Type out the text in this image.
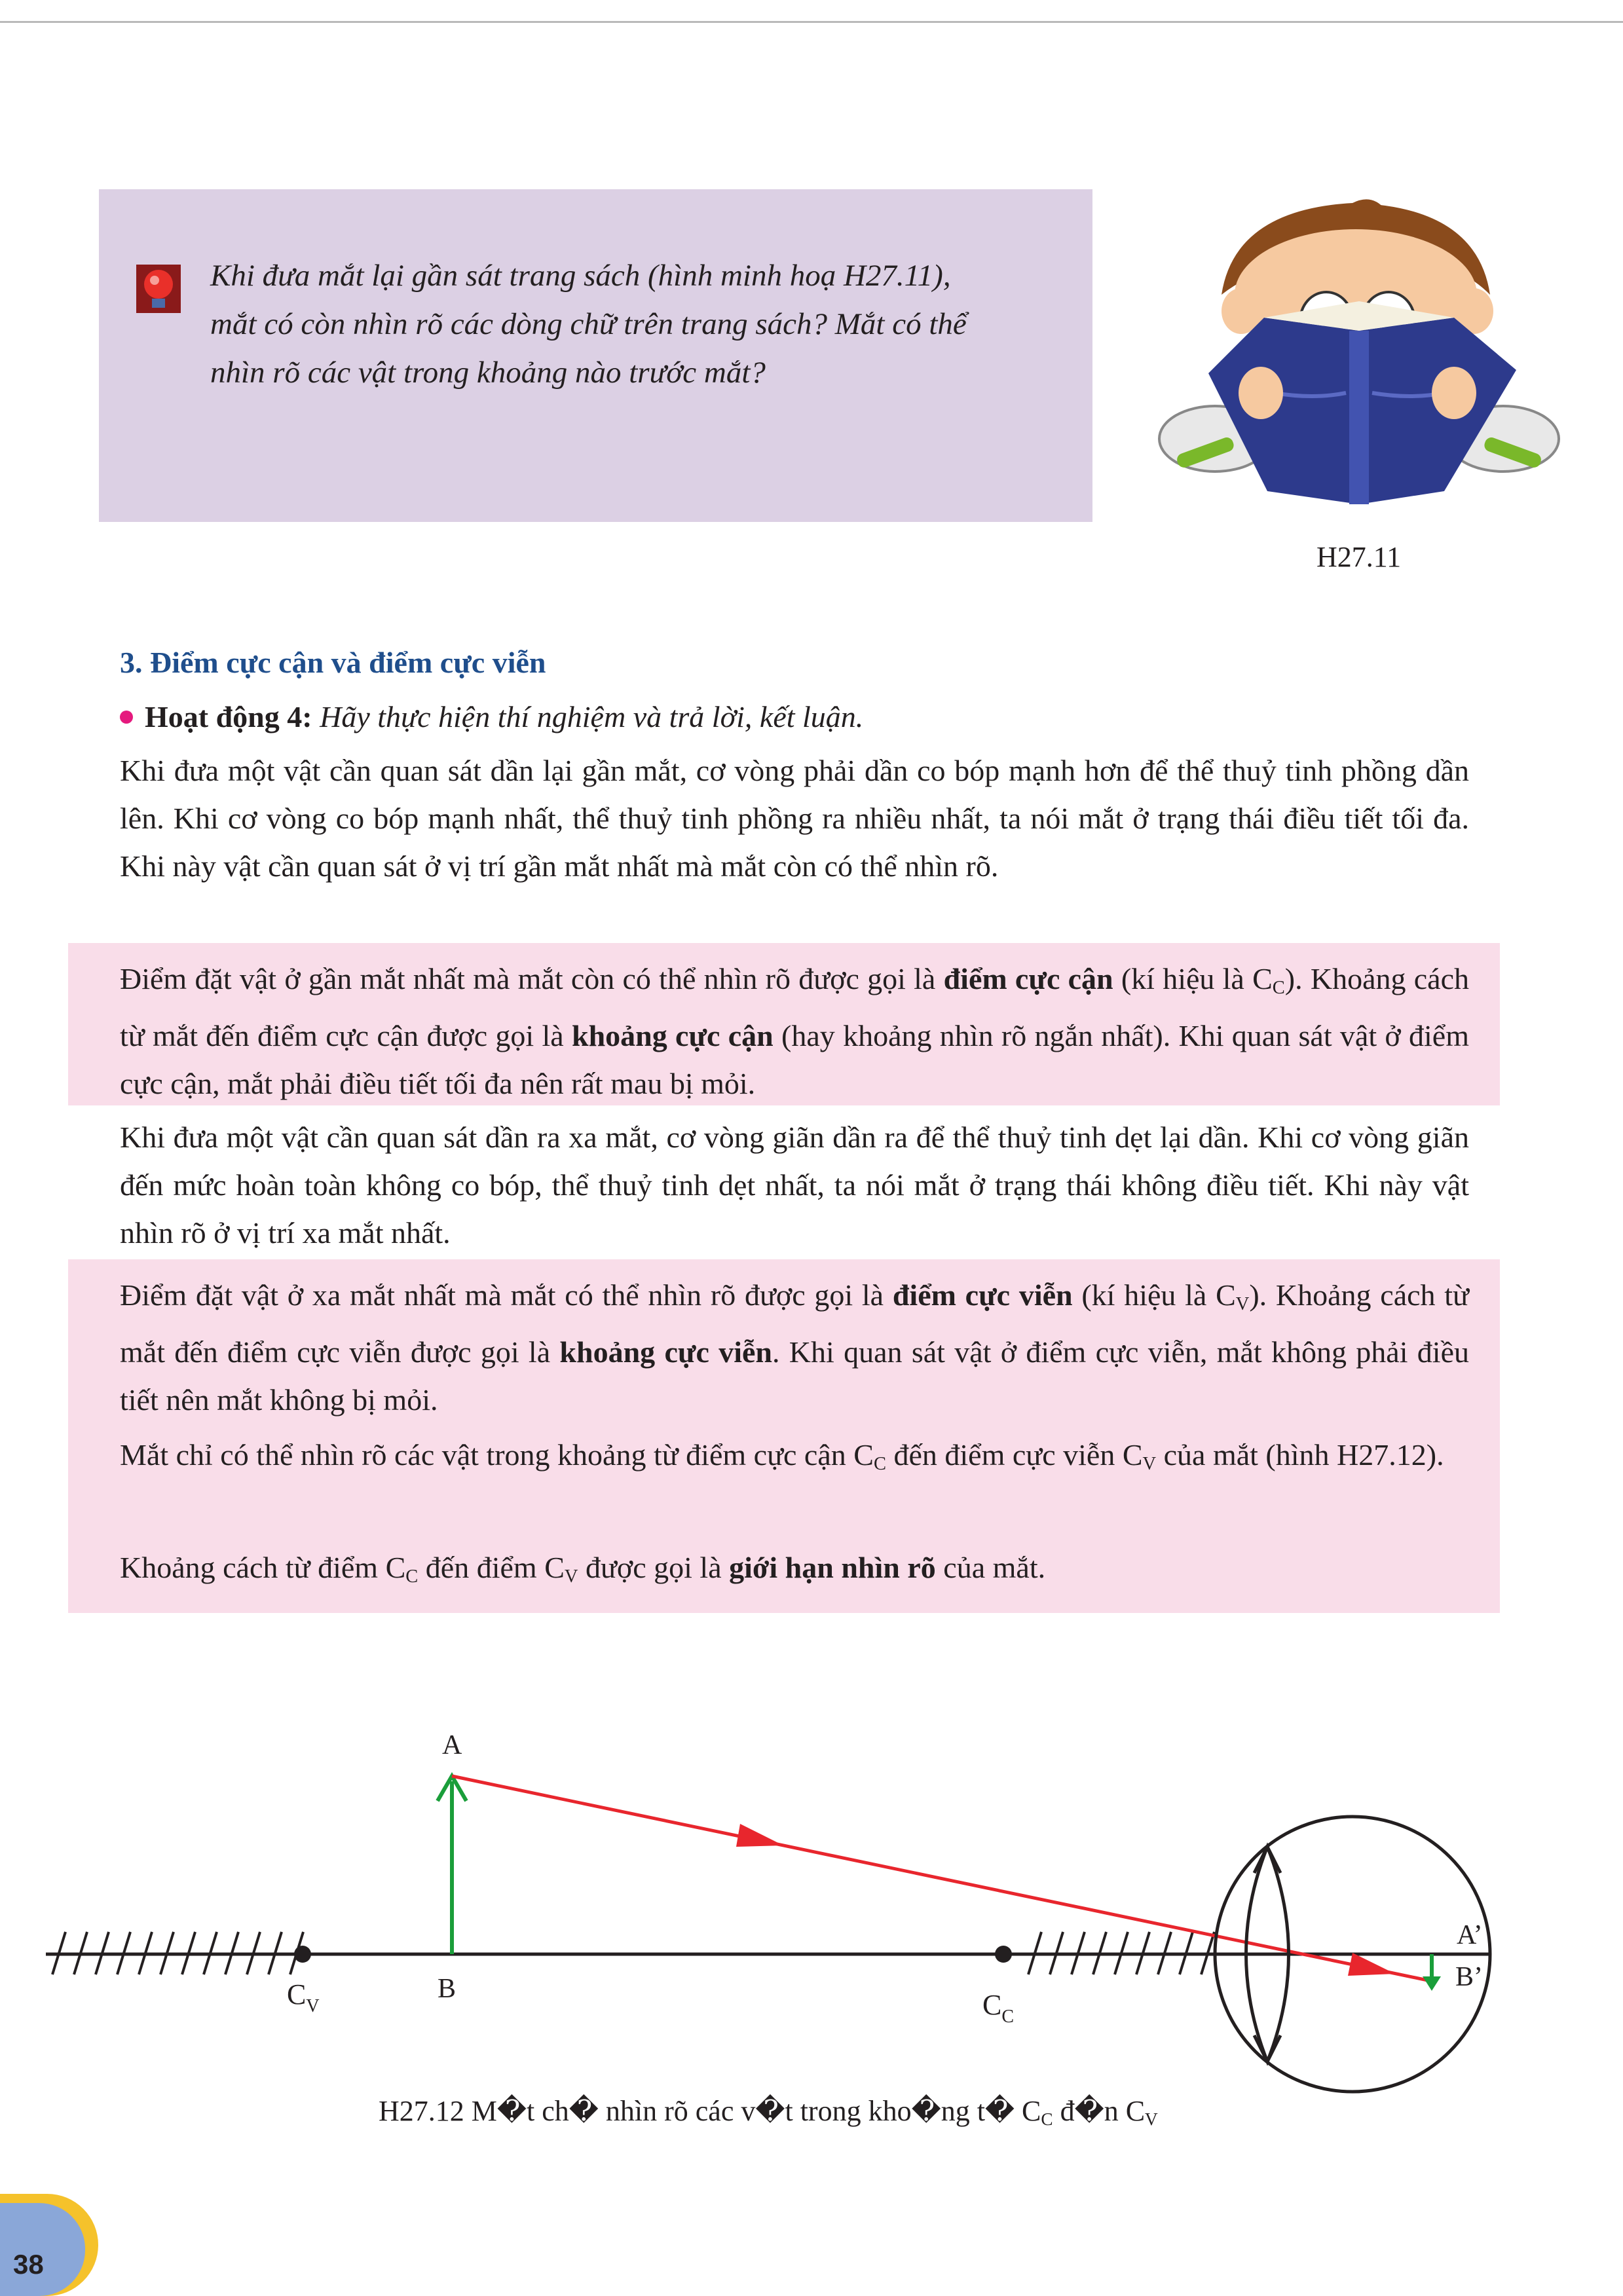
Khi đưa mắt lại gần sát trang sách (hình minh hoạ H27.11),
mắt có còn nhìn rõ các dòng chữ trên trang sách? Mắt có thể
nhìn rõ các vật trong khoảng nào trước mắt?
H27.11
3. Điểm cực cận và điểm cực viễn
Hoạt động 4: Hãy thực hiện thí nghiệm và trả lời, kết luận.
Khi đưa một vật cần quan sát dần lại gần mắt, cơ vòng phải dần co bóp mạnh hơn để thể thuỷ tinh phồng dần lên. Khi cơ vòng co bóp mạnh nhất, thể thuỷ tinh phồng ra nhiều nhất, ta nói mắt ở trạng thái điều tiết tối đa. Khi này vật cần quan sát ở vị trí gần mắt nhất mà mắt còn có thể nhìn rõ.
Điểm đặt vật ở gần mắt nhất mà mắt còn có thể nhìn rõ được gọi là điểm cực cận (kí hiệu là $C_C$). Khoảng cách từ mắt đến điểm cực cận được gọi là khoảng cực cận (hay khoảng nhìn rõ ngắn nhất). Khi quan sát vật ở điểm cực cận, mắt phải điều tiết tối đa nên rất mau bị mỏi.
Khi đưa một vật cần quan sát dần ra xa mắt, cơ vòng giãn dần ra để thể thuỷ tinh dẹt lại dần. Khi cơ vòng giãn đến mức hoàn toàn không co bóp, thể thuỷ tinh dẹt nhất, ta nói mắt ở trạng thái không điều tiết. Khi này vật nhìn rõ ở vị trí xa mắt nhất.
Điểm đặt vật ở xa mắt nhất mà mắt có thể nhìn rõ được gọi là điểm cực viễn (kí hiệu là $C_V$). Khoảng cách từ mắt đến điểm cực viễn được gọi là khoảng cực viễn. Khi quan sát vật ở điểm cực viễn, mắt không phải điều tiết nên mắt không bị mỏi.
Mắt chỉ có thể nhìn rõ các vật trong khoảng từ điểm cực cận $C_C$ đến điểm cực viễn $C_V$ của mắt (hình H27.12).
Khoảng cách từ điểm $C_C$ đến điểm $C_V$ được gọi là giới hạn nhìn rõ của mắt.
A
B
$C_V$	$C_C$
A’
B’
H27.12 M�t ch� nhìn rõ các v�t trong kho�ng t� $C_C$ đ�n $C_V$
38
